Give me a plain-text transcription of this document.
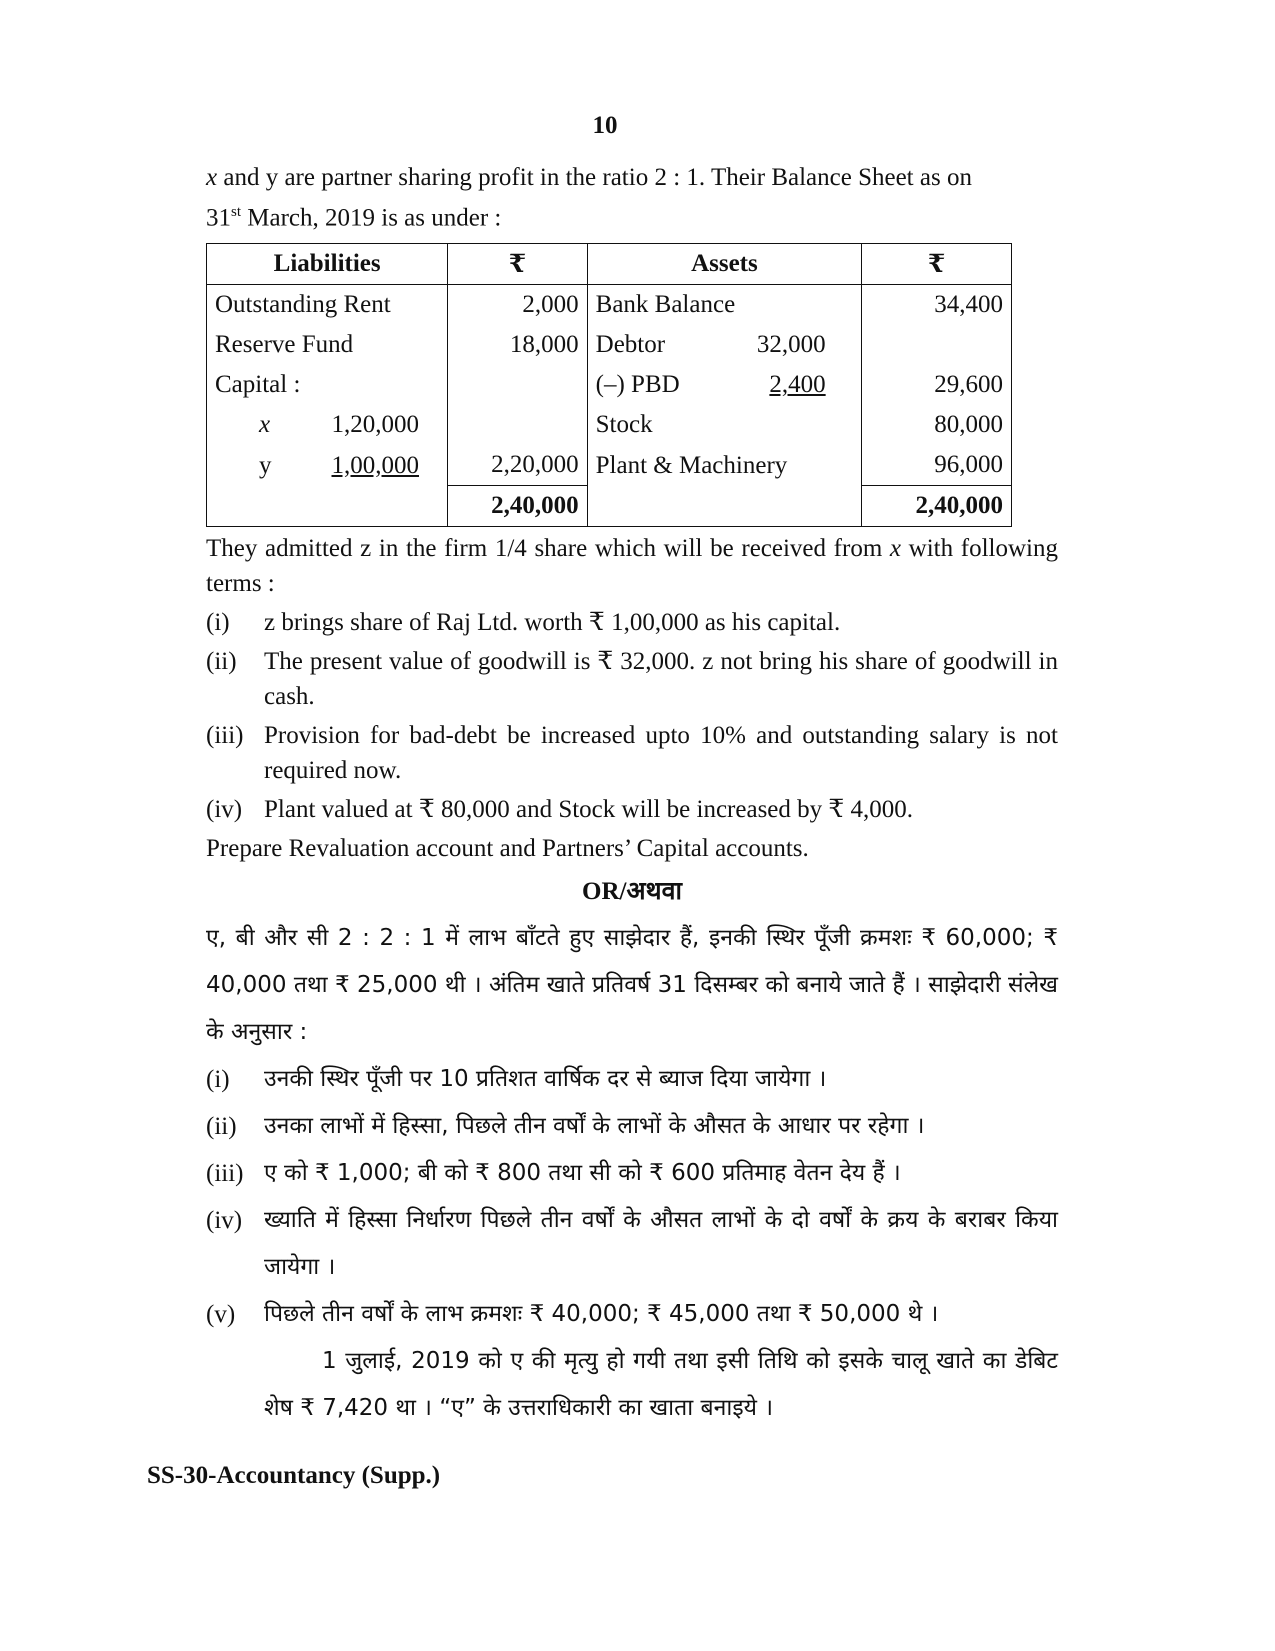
10

x and y are partner sharing profit in the ratio 2 : 1. Their Balance Sheet as on
31st March, 2019 is as under :

Liabilities	₹	Assets	₹
Outstanding Rent	2,000	Bank Balance	34,400
Reserve Fund	18,000	Debtor 32,000	

Capital :		(–) PBD 2,400	29,600

x 1,20,000		Stock	80,000

y 1,00,000	2,20,000	Plant & Machinery	96,000
	2,40,000		2,40,000

They admitted z in the firm 1/4 share which will be received from x with following terms :

(i)	z brings share of Raj Ltd. worth ₹ 1,00,000 as his capital.
(ii)	The present value of goodwill is ₹ 32,000. z not bring his share of goodwill in cash.
(iii) Provision for bad-debt be increased upto 10% and outstanding salary is not required now.
(iv) Plant valued at ₹ 80,000 and Stock will be increased by ₹ 4,000.

Prepare Revaluation account and Partners’ Capital accounts.

OR/अथवा

ए, बी और सी 2 : 2 : 1 में लाभ बाँटते हुए साझेदार हैं, इनकी स्थिर पूँजी क्रमशः ₹ 60,000; ₹ 40,000 तथा ₹ 25,000 थी । अंतिम खाते प्रतिवर्ष 31 दिसम्बर को बनाये जाते हैं । साझेदारी संलेख के अनुसार :

(i)	उनकी स्थिर पूँजी पर 10 प्रतिशत वार्षिक दर से ब्याज दिया जायेगा ।
(ii)	उनका लाभों में हिस्सा, पिछले तीन वर्षों के लाभों के औसत के आधार पर रहेगा ।
(iii) ए को ₹ 1,000; बी को ₹ 800 तथा सी को ₹ 600 प्रतिमाह वेतन देय हैं ।
(iv) ख्याति में हिस्सा निर्धारण पिछले तीन वर्षों के औसत लाभों के दो वर्षों के क्रय के बराबर किया जायेगा ।
(v)	पिछले तीन वर्षों के लाभ क्रमशः ₹ 40,000; ₹ 45,000 तथा ₹ 50,000 थे ।

1 जुलाई, 2019 को ए की मृत्यु हो गयी तथा इसी तिथि को इसके चालू खाते का डेबिट शेष ₹ 7,420 था । “ए” के उत्तराधिकारी का खाता बनाइये ।

SS-30-Accountancy (Supp.)
